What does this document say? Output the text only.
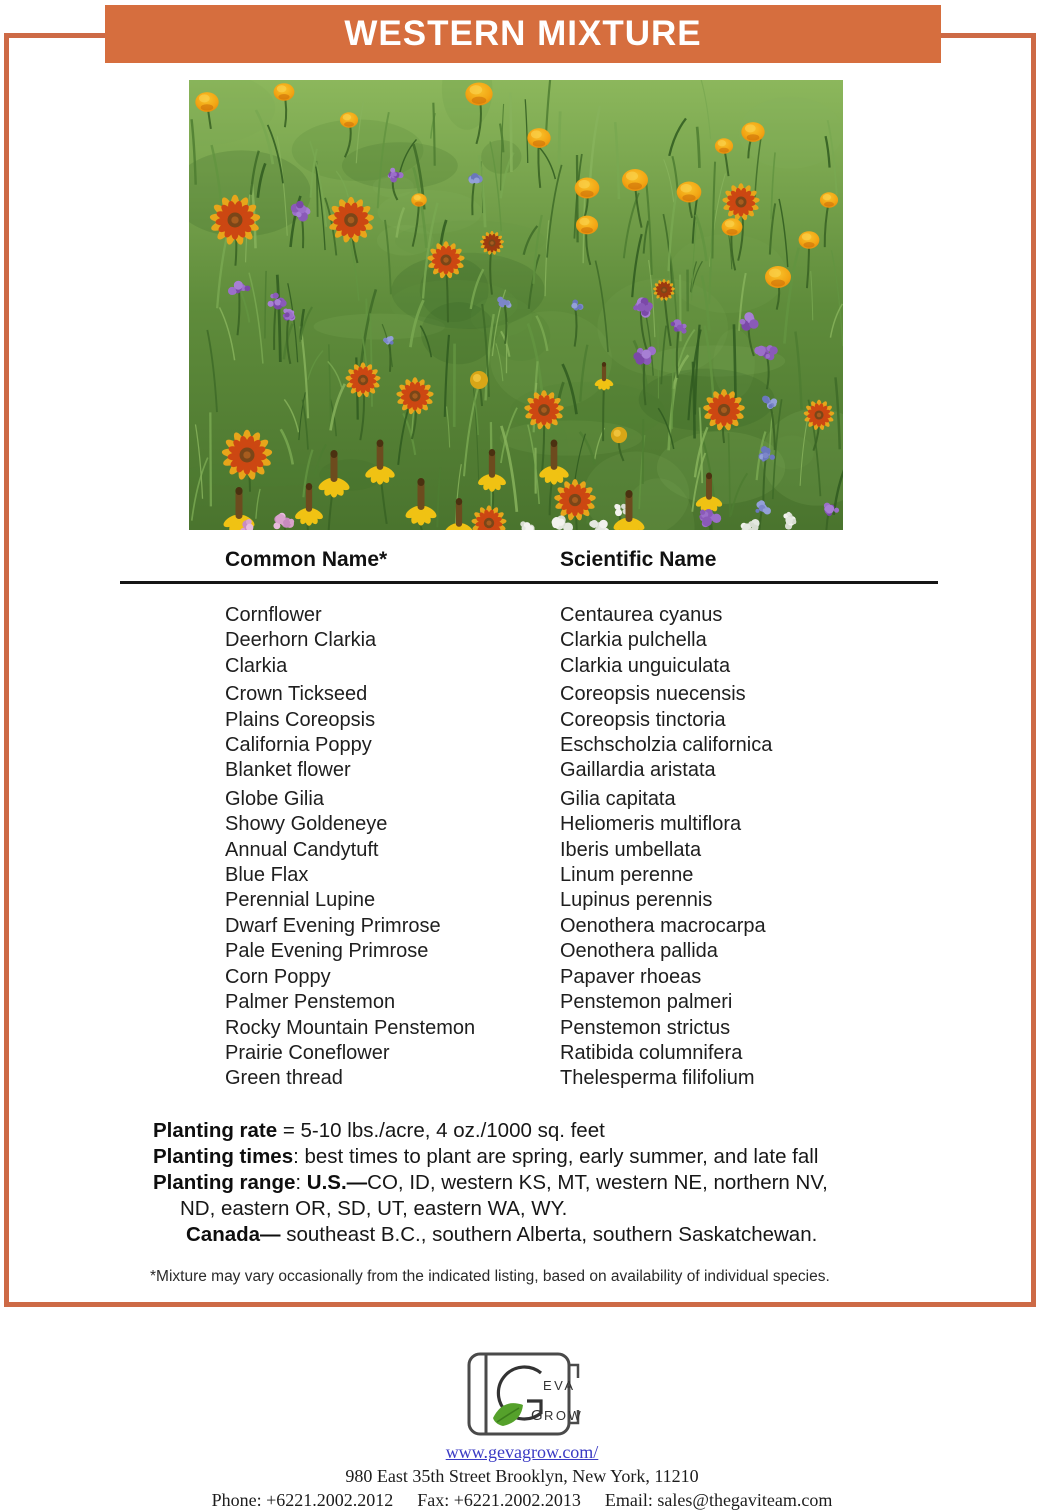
WESTERN MIXTURE
Common Name*	Scientific Name
Cornflower	Centaurea cyanus
Deerhorn Clarkia	Clarkia pulchella
Clarkia	Clarkia unguiculata
Crown Tickseed	Coreopsis nuecensis
Plains Coreopsis	Coreopsis tinctoria
California Poppy	Eschscholzia californica
Blanket flower	Gaillardia aristata
Globe Gilia	Gilia capitata
Showy Goldeneye	Heliomeris multiflora
Annual Candytuft	Iberis umbellata
Blue Flax	Linum perenne
Perennial Lupine	Lupinus perennis
Dwarf Evening Primrose	Oenothera macrocarpa
Pale Evening Primrose	Oenothera pallida
Corn Poppy	Papaver rhoeas
Palmer Penstemon	Penstemon palmeri
Rocky Mountain Penstemon	Penstemon strictus
Prairie Coneflower	Ratibida columnifera
Green thread	Thelesperma filifolium
Planting rate = 5-10 lbs./acre, 4 oz./1000 sq. feet
Planting times: best times to plant are spring, early summer, and late fall
Planting range: U.S.—CO, ID, western KS, MT, western NE, northern NV,
ND, eastern OR, SD, UT, eastern WA, WY.
Canada— southeast B.C., southern Alberta, southern Saskatchewan.
*Mixture may vary occasionally from the indicated listing, based on availability of individual species.
EVA
G ROW
www.gevagrow.com/
980 East 35th Street Brooklyn, New York, 11210
Phone: +6221.2002.2012 Fax: +6221.2002.2013 Email: sales@thegaviteam.com
